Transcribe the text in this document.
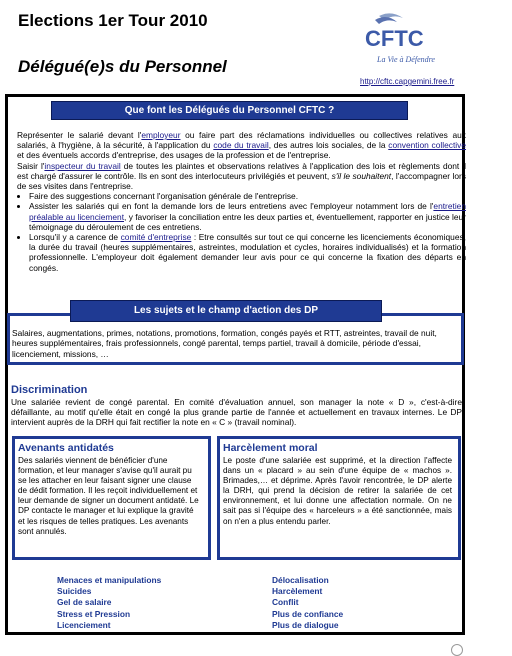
Elections 1er Tour 2010
Délégué(e)s du Personnel
CFTC
La Vie à Défendre
http://cftc.capgemini.free.fr
Que font les Délégués du Personnel CFTC ?
Représenter le salarié devant l'employeur ou faire part des réclamations individuelles ou collectives relatives aux salariés, à l'hygiène, à la sécurité, à l'application du code du travail, des autres lois sociales, de la convention collective et des éventuels accords d'entreprise, des usages de la profession et de l'entreprise.
Saisir l'inspecteur du travail de toutes les plaintes et observations relatives à l'application des lois et règlements dont il est chargé d'assurer le contrôle. Ils en sont des interlocuteurs privilégiés et peuvent, s'il le souhaitent, l'accompagner lors de ses visites dans l'entreprise.
• Faire des suggestions concernant l'organisation générale de l'entreprise.
• Assister les salariés qui en font la demande lors de leurs entretiens avec l'employeur notamment lors de l'entretien préalable au licenciement, y favoriser la conciliation entre les deux parties et, éventuellement, rapporter en justice leur témoignage du déroulement de ces entretiens.
• Lorsqu'il y a carence de comité d'entreprise : Etre consultés sur tout ce qui concerne les licenciements économiques, la durée du travail (heures supplémentaires, astreintes, modulation et cycles, horaires individualisés) et la formation professionnelle. L'employeur doit également demander leur avis pour ce qui concerne la fixation des départs en congés.
Salaires, augmentations, primes, notations, promotions, formation, congés payés et RTT, astreintes, travail de nuit, heures supplémentaires, frais professionnels, congé parental, temps partiel, travail à domicile, période d'essai, licenciement, missions, …
Les sujets et le champ d'action des DP
Discrimination
Une salariée revient de congé parental. En comité d'évaluation annuel, son manager la note « D », c'est-à-dire défaillante, au motif qu'elle était en congé la plus grande partie de l'année et actuellement en travaux internes. Le DP intervient auprès de la DRH qui fait rectifier la note en « C » (travail nominal).
Avenants antidatés
Des salariés viennent de bénéficier d'une formation, et leur manager s'avise qu'il aurait pu se les attacher en leur faisant signer une clause de dédit formation. Il les reçoit individuellement et leur demande de signer un document antidaté. Le DP contacte le manager et lui explique la gravité et les risques de telles pratiques. Les avenants sont annulés.
Harcèlement moral
Le poste d'une salariée est supprimé, et la direction l'affecte dans un « placard » au sein d'une équipe de « machos ». Brimades,… et déprime. Après l'avoir rencontrée, le DP alerte la DRH, qui prend la décision de retirer la salariée de cet environnement, et lui donne une affectation normale. On ne sait pas si l'équipe des « harceleurs » a été sanctionnée, mais on n'en a plus entendu parler.
Menaces et manipulations
Suicides
Gel de salaire
Stress et Pression
Licenciement
Délocalisation
Harcèlement
Conflit
Plus de confiance
Plus de dialogue
